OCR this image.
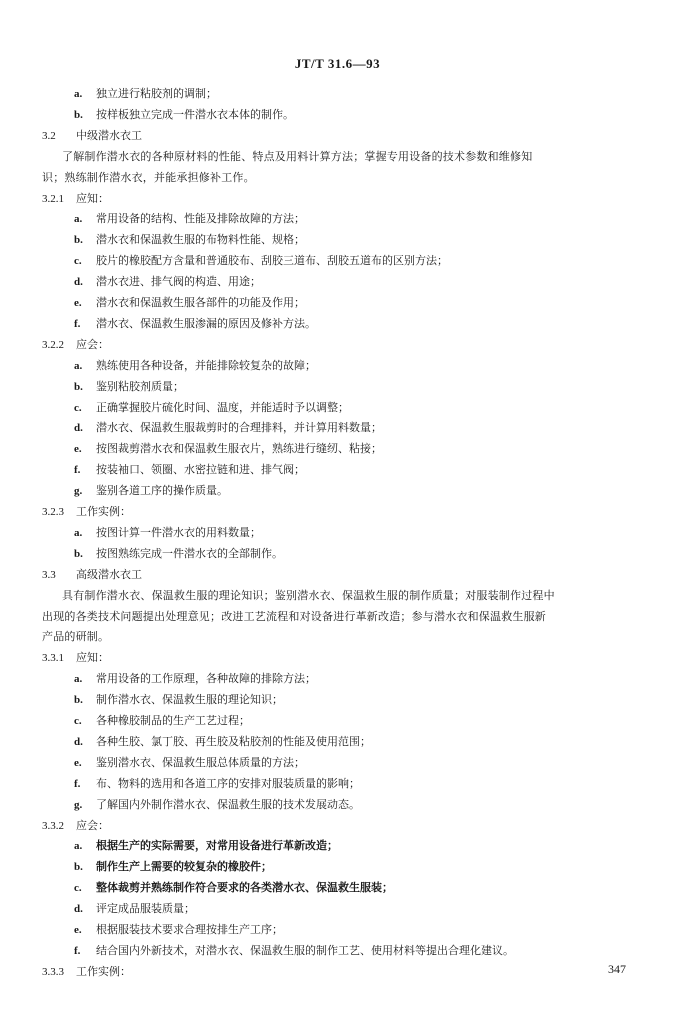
JT/T 31.6—93
a. 独立进行粘胶剂的调制；
b. 按样板独立完成一件潜水衣本体的制作。
3.2 中级潜水衣工
了解制作潜水衣的各种原材料的性能、特点及用料计算方法；掌握专用设备的技术参数和维修知
识；熟练制作潜水衣，并能承担修补工作。
3.2.1 应知：
a. 常用设备的结构、性能及排除故障的方法；
b. 潜水衣和保温救生服的布物料性能、规格；
c. 胶片的橡胶配方含量和普通胶布、刮胶三道布、刮胶五道布的区别方法；
d. 潜水衣进、排气阀的构造、用途；
e. 潜水衣和保温救生服各部件的功能及作用；
f. 潜水衣、保温救生服渗漏的原因及修补方法。
3.2.2 应会：
a. 熟练使用各种设备，并能排除较复杂的故障；
b. 鉴别粘胶剂质量；
c. 正确掌握胶片硫化时间、温度，并能适时予以调整；
d. 潜水衣、保温救生服裁剪时的合理排料，并计算用料数量；
e. 按图裁剪潜水衣和保温救生服衣片，熟练进行缝纫、粘接；
f. 按装袖口、领圈、水密拉链和进、排气阀；
g. 鉴别各道工序的操作质量。
3.2.3 工作实例：
a. 按图计算一件潜水衣的用料数量；
b. 按图熟练完成一件潜水衣的全部制作。
3.3 高级潜水衣工
具有制作潜水衣、保温救生服的理论知识；鉴别潜水衣、保温救生服的制作质量；对服装制作过程中
出现的各类技术问题提出处理意见；改进工艺流程和对设备进行革新改造；参与潜水衣和保温救生服新
产品的研制。
3.3.1 应知：
a. 常用设备的工作原理，各种故障的排除方法；
b. 制作潜水衣、保温救生服的理论知识；
c. 各种橡胶制品的生产工艺过程；
d. 各种生胶、氯丁胶、再生胶及粘胶剂的性能及使用范围；
e. 鉴别潜水衣、保温救生服总体质量的方法；
f. 布、物料的选用和各道工序的安排对服装质量的影响；
g. 了解国内外制作潜水衣、保温救生服的技术发展动态。
3.3.2 应会：
a. 根据生产的实际需要，对常用设备进行革新改造；
b. 制作生产上需要的较复杂的橡胶件；
c. 整体裁剪并熟练制作符合要求的各类潜水衣、保温救生服装；
d. 评定成品服装质量；
e. 根据服装技术要求合理按排生产工序；
f. 结合国内外新技术，对潜水衣、保温救生服的制作工艺、使用材料等提出合理化建议。
3.3.3 工作实例：	347
